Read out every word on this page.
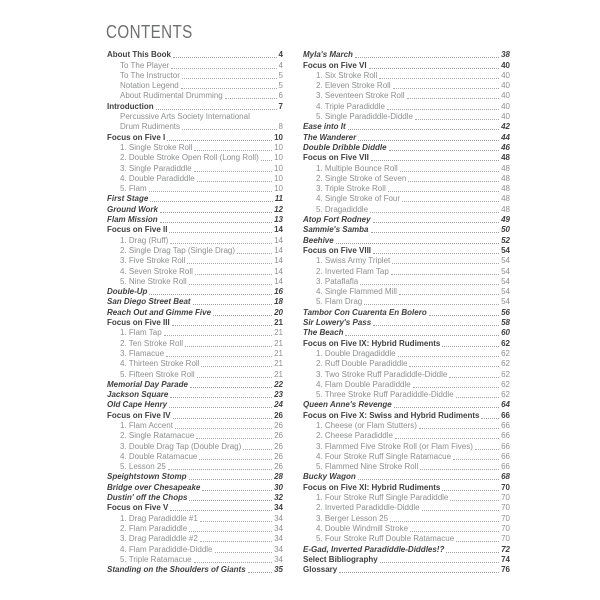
CONTENTS
About This Book	4
To The Player	4
To The Instructor	5
Notation Legend	5
About Rudimental Drumming	6
Introduction	7
Percussive Arts Society International
Drum Rudiments	8
Focus on Five I	10
1. Single Stroke Roll	10
2. Double Stroke Open Roll (Long Roll) 10
3. Single Paradiddle	10
4. Double Paradiddle	10
5. Flam	10
First Stage	11
Ground Work	12
Flam Mission	13
Focus on Five II	14
1. Drag (Ruff)	14
2. Single Drag Tap (Single Drag)	14
3. Five Stroke Roll	14
4. Seven Stroke Roll	14
5. Nine Stroke Roll	14
Double-Up	16
San Diego Street Beat	18
Reach Out and Gimme Five	20
Focus on Five III	21
1. Flam Tap	21
2. Ten Stroke Roll	21
3. Flamacue	21
4. Thirteen Stroke Roll	21
5. Fifteen Stroke Roll	21
Memorial Day Parade	22
Jackson Square	23
Old Cape Henry	24
Focus on Five IV	26
1. Flam Accent	26
2. Single Ratamacue	26
3. Double Drag Tap (Double Drag)	26
4. Double Ratamacue	26
5. Lesson 25	26
Speightstown Stomp	28
Bridge over Chesapeake	30
Dustin' off the Chops	32
Focus on Five V	34
1. Drag Paradiddle #1	34
2. Flam Paradiddle	34
3. Drag Paradiddle #2	34
4. Flam Paradiddle-Diddle	34
5. Triple Ratamacue	34
Standing on the Shoulders of Giants	35
Myla's March	38
Focus on Five VI	40
1. Six Stroke Roll	40
2. Eleven Stroke Roll	40
3. Seventeen Stroke Roll	40
4. Triple Paradiddle	40
5. Single Paradiddle-Diddle	40
Ease into It	42
The Wanderer	44
Double Dribble Diddle	46
Focus on Five VII	48
1. Multiple Bounce Roll	48
2. Single Stroke of Seven	48
3. Triple Stroke Roll	48
4. Single Stroke of Four	48
5. Dragadiddle	48
Atop Fort Rodney	49
Sammie's Samba	50
Beehive	52
Focus on Five VIII	54
1. Swiss Army Triplet	54
2. Inverted Flam Tap	54
3. Pataflafla	54
4. Single Flammed Mill	54
5. Flam Drag	54
Tambor Con Cuarenta En Bolero	56
Sir Lowery's Pass	58
The Beach	60
Focus on Five IX: Hybrid Rudiments	62
1. Double Dragadiddle	62
2. Ruff Double Paradiddle	62
3. Two Stroke Ruff Paradiddle-Diddle	62
4. Flam Double Paradiddle	62
5. Three Stroke Ruff Paradiddle-Diddle	62
Queen Anne's Revenge	64
Focus on Five X: Swiss and Hybrid Rudiments	66
1. Cheese (or Flam Stutters)	66
2. Cheese Paradiddle	66
3. Flammed Five Stroke Roll (or Flam Fives)	66
4. Four Stroke Ruff Single Ratamacue	66
5. Flammed Nine Stroke Roll	66
Bucky Wagon	68
Focus on Five XI: Hybrid Rudiments	70
1. Four Stroke Ruff Single Paradiddle	70
2. Inverted Paradiddle-Diddle	70
3. Berger Lesson 25	70
4. Double Windmill Stroke	70
5. Four Stroke Ruff Double Ratamacue	70
E-Gad, Inverted Paradiddle-Diddles!?	72
Select Bibliography	74
Glossary	76
